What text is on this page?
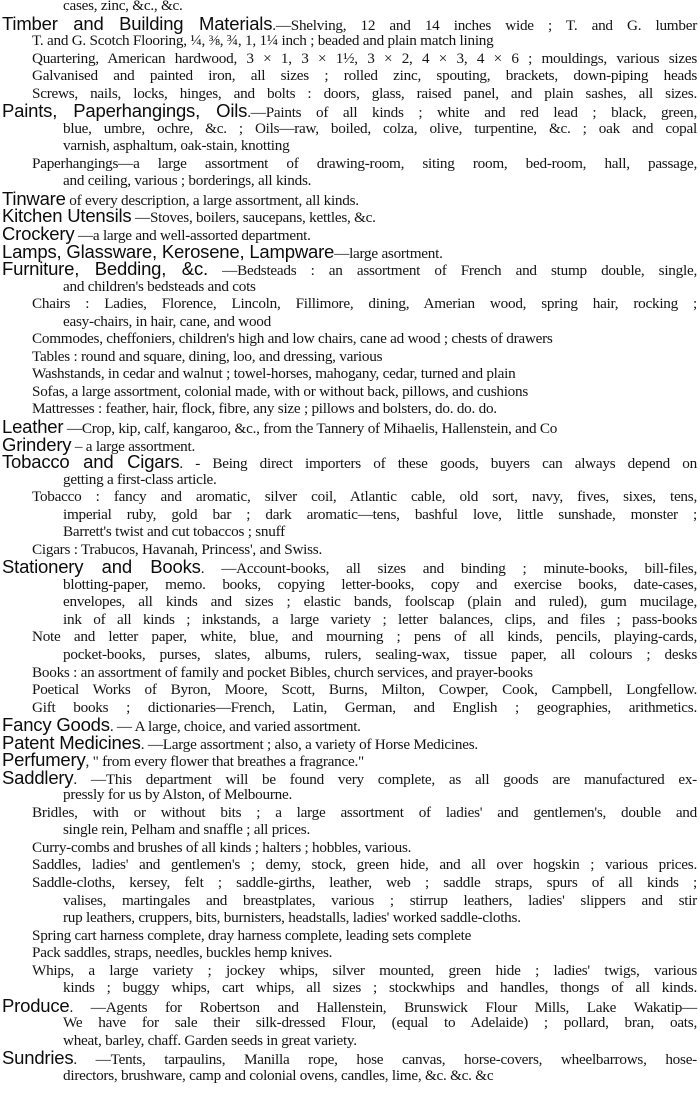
cases, zinc, &c., &c.
Timber and Building Materials.—Shelving, 12 and 14 inches wide ; T. and G. lumber
T. and G. Scotch Flooring, ¼, ⅜, ¾, 1, 1¼ inch ; beaded and plain match lining
Quartering, American hardwood, 3 × 1, 3 × 1½, 3 × 2, 4 × 3, 4 × 6 ; mouldings, various sizes
Galvanised and painted iron, all sizes ; rolled zinc, spouting, brackets, down-piping heads
Screws, nails, locks, hinges, and bolts : doors, glass, raised panel, and plain sashes, all sizes.
Paints, Paperhangings, Oils.—Paints of all kinds ; white and red lead ; black, green,
blue, umbre, ochre, &c. ; Oils—raw, boiled, colza, olive, turpentine, &c. ; oak and copal
varnish, asphaltum, oak-stain, knotting
Paperhangings—a large assortment of drawing-room, siting room, bed-room, hall, passage,
and ceiling, various ; borderings, all kinds.
Tinware of every description, a large assortment, all kinds.
Kitchen Utensils —Stoves, boilers, saucepans, kettles, &c.
Crockery —a large and well-assorted department.
Lamps, Glassware, Kerosene, Lampware—large asortment.
Furniture, Bedding, &c. —Bedsteads : an assortment of French and stump double, single,
and children's bedsteads and cots
Chairs : Ladies, Florence, Lincoln, Fillimore, dining, Amerian wood, spring hair, rocking ;
easy-chairs, in hair, cane, and wood
Commodes, cheffoniers, children's high and low chairs, cane ad wood ; chests of drawers
Tables : round and square, dining, loo, and dressing, various
Washstands, in cedar and walnut ; towel-horses, mahogany, cedar, turned and plain
Sofas, a large assortment, colonial made, with or without back, pillows, and cushions
Mattresses : feather, hair, flock, fibre, any size ; pillows and bolsters, do. do. do.
Leather —Crop, kip, calf, kangaroo, &c., from the Tannery of Mihaelis, Hallenstein, and Co
Grindery – a large assortment.
Tobacco and Cigars. - Being direct importers of these goods, buyers can always depend on
getting a first-class article.
Tobacco : fancy and aromatic, silver coil, Atlantic cable, old sort, navy, fives, sixes, tens,
imperial ruby, gold bar ; dark aromatic—tens, bashful love, little sunshade, monster ;
Barrett's twist and cut tobaccos ; snuff
Cigars : Trabucos, Havanah, Princess', and Swiss.
Stationery and Books. —Account-books, all sizes and binding ; minute-books, bill-files,
blotting-paper, memo. books, copying letter-books, copy and exercise books, date-cases,
envelopes, all kinds and sizes ; elastic bands, foolscap (plain and ruled), gum mucilage,
ink of all kinds ; inkstands, a large variety ; letter balances, clips, and files ; pass-books
Note and letter paper, white, blue, and mourning ; pens of all kinds, pencils, playing-cards,
pocket-books, purses, slates, albums, rulers, sealing-wax, tissue paper, all colours ; desks
Books : an assortment of family and pocket Bibles, church services, and prayer-books
Poetical Works of Byron, Moore, Scott, Burns, Milton, Cowper, Cook, Campbell, Longfellow.
Gift books ; dictionaries—French, Latin, German, and English ; geographies, arithmetics.
Fancy Goods. — A large, choice, and varied assortment.
Patent Medicines. —Large assortment ; also, a variety of Horse Medicines.
Perfumery, " from every flower that breathes a fragrance."
Saddlery. —This department will be found very complete, as all goods are manufactured ex-
pressly for us by Alston, of Melbourne.
Bridles, with or without bits ; a large assortment of ladies' and gentlemen's, double and
single rein, Pelham and snaffle ; all prices.
Curry-combs and brushes of all kinds ; halters ; hobbles, various.
Saddles, ladies' and gentlemen's ; demy, stock, green hide, and all over hogskin ; various prices.
Saddle-cloths, kersey, felt ; saddle-girths, leather, web ; saddle straps, spurs of all kinds ;
valises, martingales and breastplates, various ; stirrup leathers, ladies' slippers and stir
rup leathers, cruppers, bits, burnisters, headstalls, ladies' worked saddle-cloths.
Spring cart harness complete, dray harness complete, leading sets complete
Pack saddles, straps, needles, buckles hemp knives.
Whips, a large variety ; jockey whips, silver mounted, green hide ; ladies' twigs, various
kinds ; buggy whips, cart whips, all sizes ; stockwhips and handles, thongs of all kinds.
Produce. —Agents for Robertson and Hallenstein, Brunswick Flour Mills, Lake Wakatip—
We have for sale their silk-dressed Flour, (equal to Adelaide) ; pollard, bran, oats,
wheat, barley, chaff. Garden seeds in great variety.
Sundries. —Tents, tarpaulins, Manilla rope, hose canvas, horse-covers, wheelbarrows, hose-
directors, brushware, camp and colonial ovens, candles, lime, &c. &c. &c
